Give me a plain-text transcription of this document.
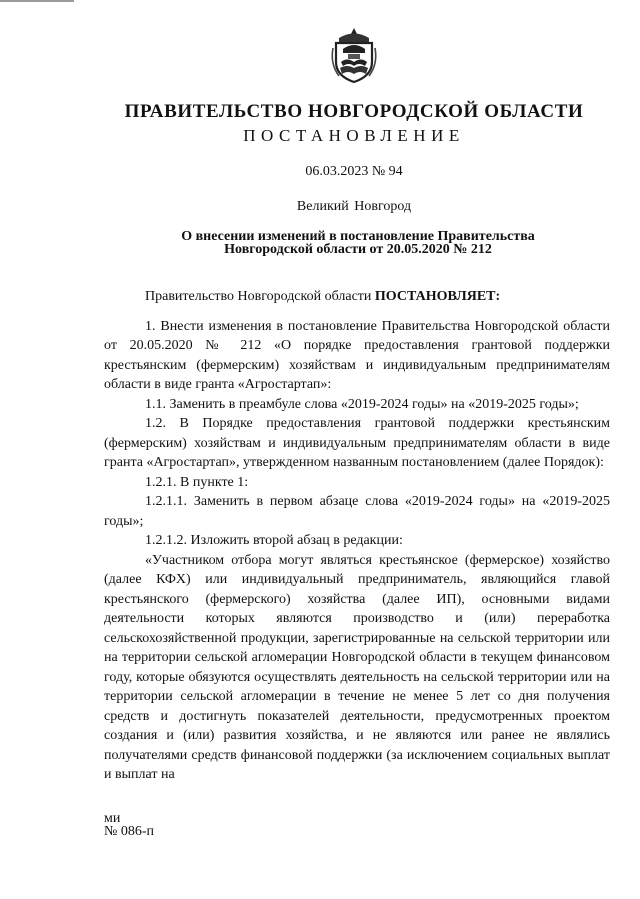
ПРАВИТЕЛЬСТВО НОВГОРОДСКОЙ ОБЛАСТИ
ПОСТАНОВЛЕНИЕ
06.03.2023 № 94
Великий Новгород
О внесении изменений в постановление Правительства
Новгородской области от 20.05.2020 № 212

Правительство Новгородской области ПОСТАНОВЛЯЕТ:

1. Внести изменения в постановление Правительства Новгородской области от 20.05.2020 № 212 «О порядке предоставления грантовой поддержки крестьянским (фермерским) хозяйствам и индивидуальным предпринимателям области в виде гранта «Агростартап»:

1.1. Заменить в преамбуле слова «2019-2024 годы» на «2019-2025 годы»;

1.2. В Порядке предоставления грантовой поддержки крестьянским (фермерским) хозяйствам и индивидуальным предпринимателям области в виде гранта «Агростартап», утвержденном названным постановлением (далее Порядок):

1.2.1. В пункте 1:

1.2.1.1. Заменить в первом абзаце слова «2019-2024 годы» на «2019-2025 годы»;

1.2.1.2. Изложить второй абзац в редакции:

«Участником отбора могут являться крестьянское (фермерское) хозяйство (далее КФХ) или индивидуальный предприниматель, являющийся главой крестьянского (фермерского) хозяйства (далее ИП), основными видами деятельности которых являются производство и (или) переработка сельскохозяйственной продукции, зарегистрированные на сельской территории или на территории сельской агломерации Новгородской области в текущем финансовом году, которые обязуются осуществлять деятельность на сельской территории или на территории сельской агломерации в течение не менее 5 лет со дня получения средств и достигнуть показателей деятельности, предусмотренных проектом создания и (или) развития хозяйства, и не являются или ранее не являлись получателями средств финансовой поддержки (за исключением социальных выплат и выплат на

ми
№ 086-п
